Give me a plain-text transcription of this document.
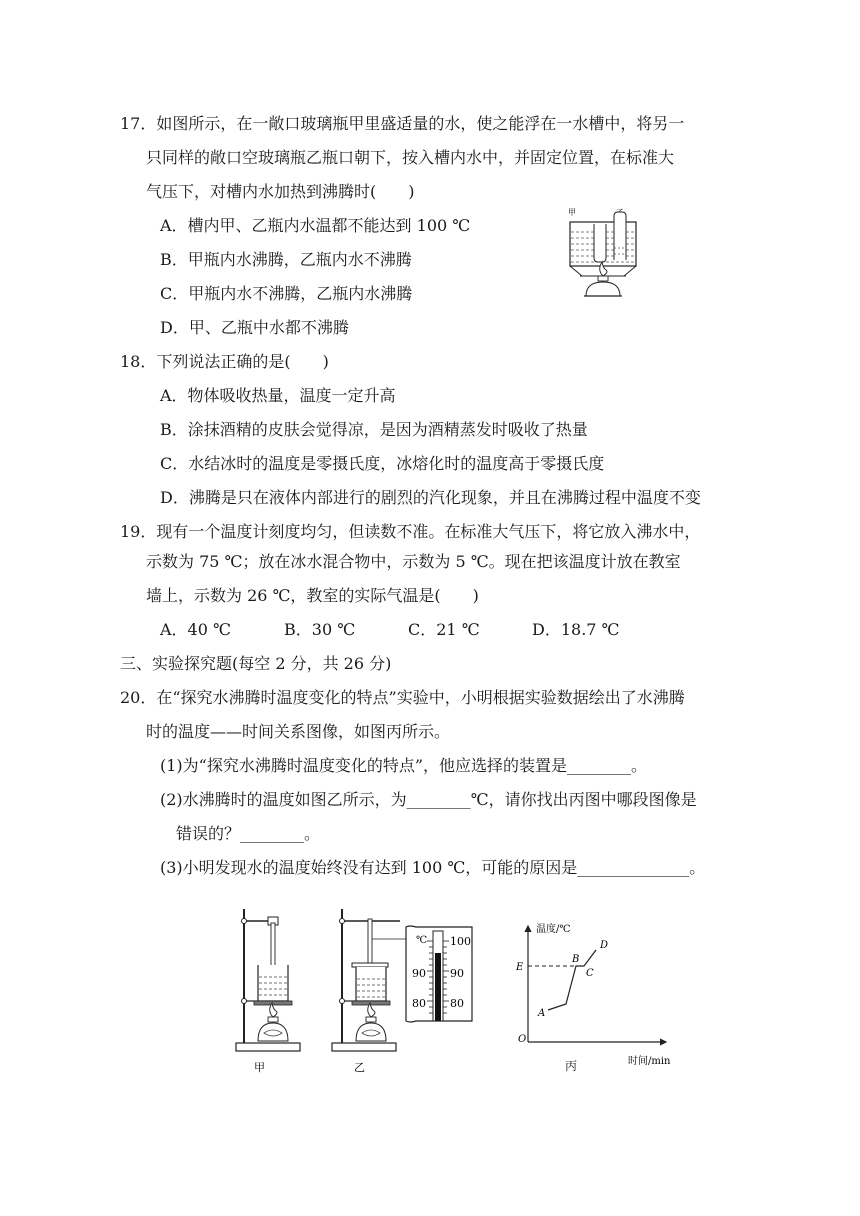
17．如图所示，在一敞口玻璃瓶甲里盛适量的水，使之能浮在一水槽中，将另一
只同样的敞口空玻璃瓶乙瓶口朝下，按入槽内水中，并固定位置，在标准大
气压下，对槽内水加热到沸腾时(　　)
A．槽内甲、乙瓶内水温都不能达到 100 ℃
B．甲瓶内水沸腾，乙瓶内水不沸腾
C．甲瓶内水不沸腾，乙瓶内水沸腾
D．甲、乙瓶中水都不沸腾
甲
18．下列说法正确的是(　　)
A．物体吸收热量，温度一定升高
B．涂抹酒精的皮肤会觉得凉，是因为酒精蒸发时吸收了热量
C．水结冰时的温度是零摄氏度，冰熔化时的温度高于零摄氏度
D．沸腾是只在液体内部进行的剧烈的汽化现象，并且在沸腾过程中温度不变
19．现有一个温度计刻度均匀，但读数不准。在标准大气压下，将它放入沸水中，
示数为 75 ℃；放在冰水混合物中，示数为 5 ℃。现在把该温度计放在教室
墙上，示数为 26 ℃，教室的实际气温是(　　)
A．40 ℃	B．30 ℃	C．21 ℃	D．18.7 ℃
三、实验探究题(每空 2 分，共 26 分)
20．在“探究水沸腾时温度变化的特点”实验中，小明根据实验数据绘出了水沸腾
时的温度——时间关系图像，如图丙所示。
(1)为“探究水沸腾时温度变化的特点”，他应选择的装置是________。
(2)水沸腾时的温度如图乙所示，为________℃，请你找出丙图中哪段图像是
错误的？________。
(3)小明发现水的温度始终没有达到 100 ℃，可能的原因是______________。
甲
℃ 100
90 90
80 80
乙
温度/℃
时间/min
O
E
A
B
C
D
丙
